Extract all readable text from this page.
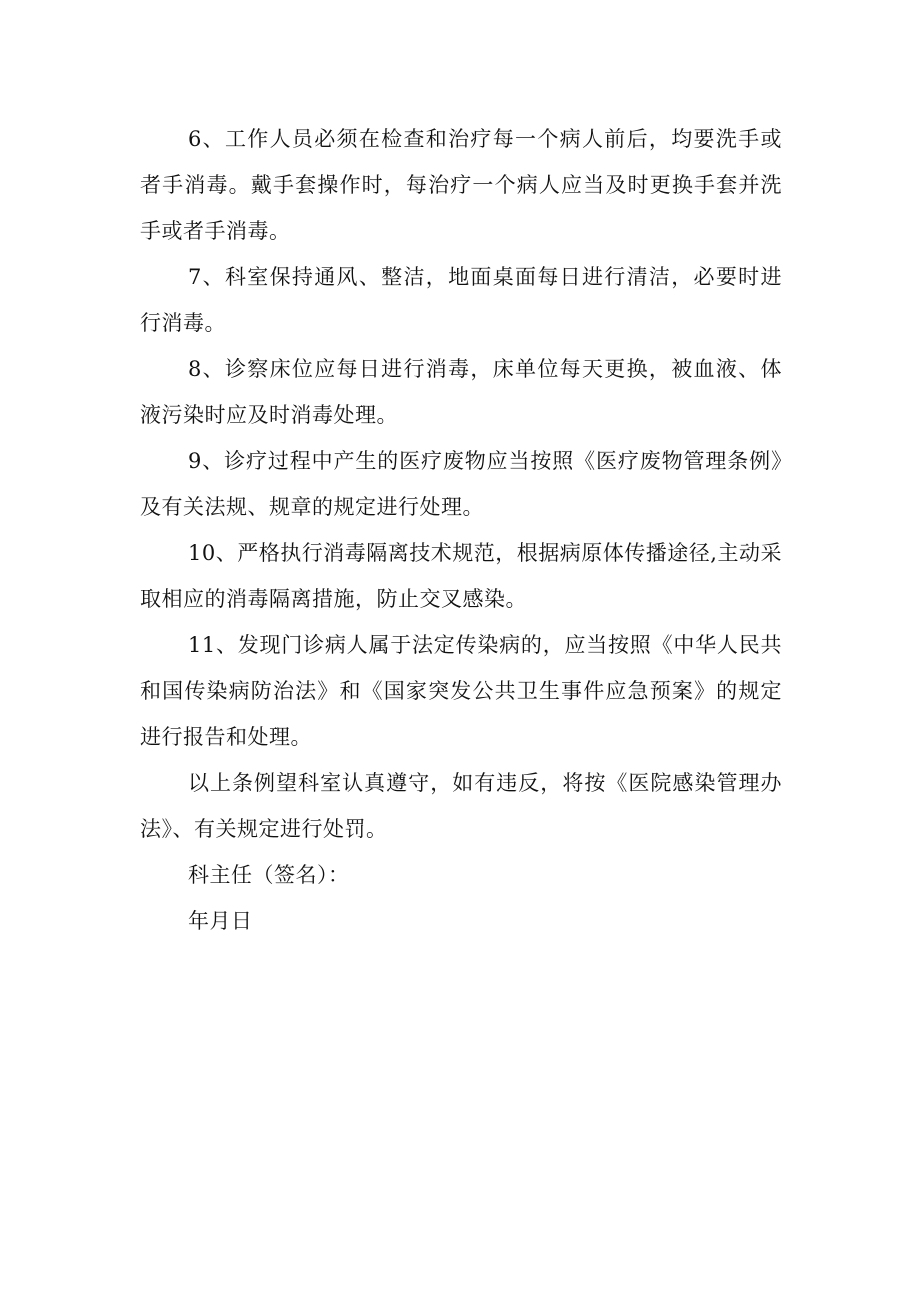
6、工作人员必须在检查和治疗每一个病人前后，均要洗手或者手消毒。戴手套操作时，每治疗一个病人应当及时更换手套并洗手或者手消毒。

7、科室保持通风、整洁，地面桌面每日进行清洁，必要时进行消毒。

8、诊察床位应每日进行消毒，床单位每天更换，被血液、体液污染时应及时消毒处理。

9、诊疗过程中产生的医疗废物应当按照《医疗废物管理条例》及有关法规、规章的规定进行处理。

10、严格执行消毒隔离技术规范，根据病原体传播途径,主动采取相应的消毒隔离措施，防止交叉感染。

11、发现门诊病人属于法定传染病的，应当按照《中华人民共和国传染病防治法》和《国家突发公共卫生事件应急预案》的规定进行报告和处理。

以上条例望科室认真遵守，如有违反，将按《医院感染管理办法》、有关规定进行处罚。

科主任（签名）：

年月日
